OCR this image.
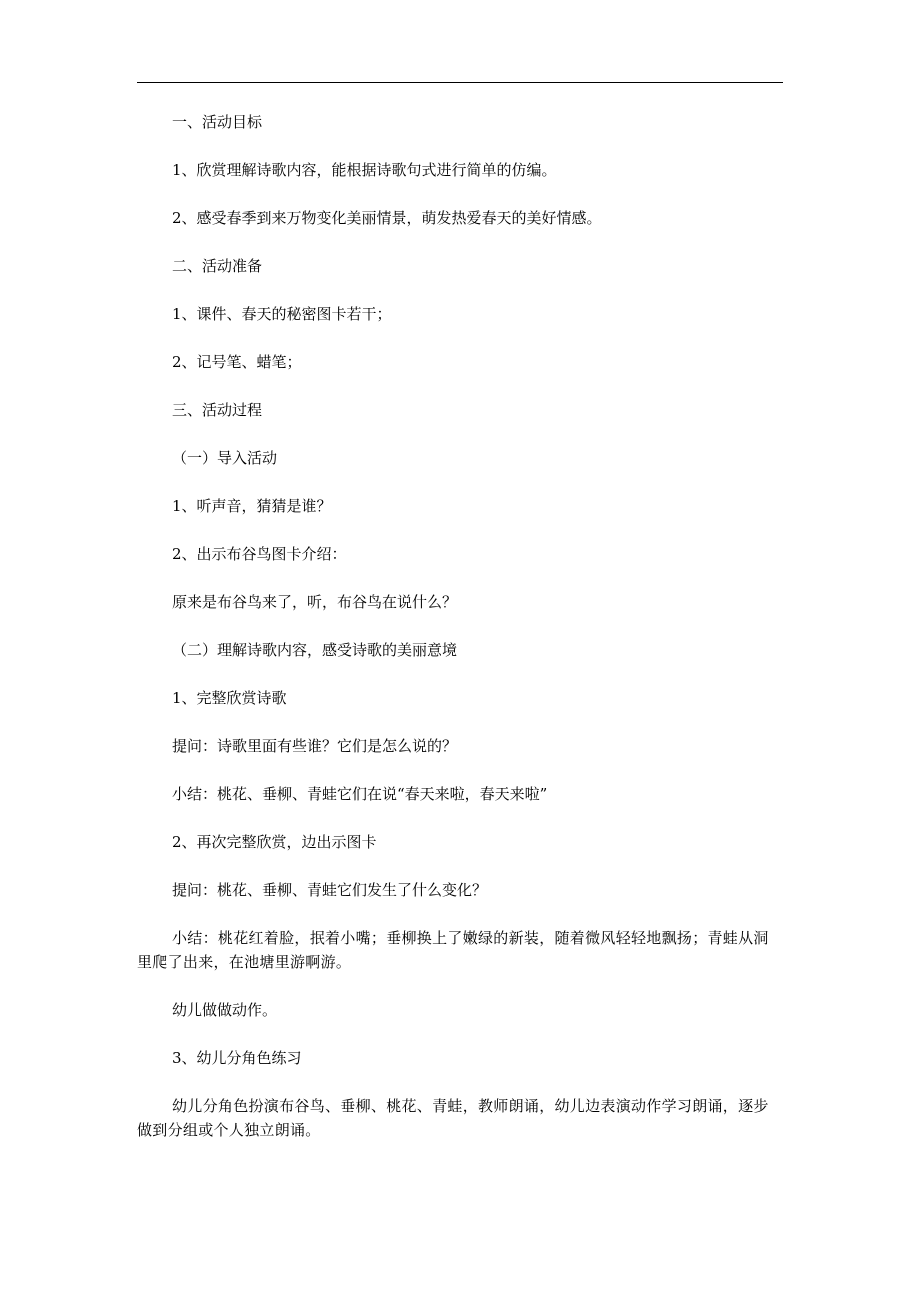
一、活动目标
1、欣赏理解诗歌内容，能根据诗歌句式进行简单的仿编。
2、感受春季到来万物变化美丽情景，萌发热爱春天的美好情感。
二、活动准备
1、课件、春天的秘密图卡若干；
2、记号笔、蜡笔；
三、活动过程
（一）导入活动
1、听声音，猜猜是谁？
2、出示布谷鸟图卡介绍：
原来是布谷鸟来了，听，布谷鸟在说什么？
（二）理解诗歌内容，感受诗歌的美丽意境
1、完整欣赏诗歌
提问：诗歌里面有些谁？它们是怎么说的？
小结：桃花、垂柳、青蛙它们在说“春天来啦，春天来啦”
2、再次完整欣赏，边出示图卡
提问：桃花、垂柳、青蛙它们发生了什么变化？
小结：桃花红着脸，抿着小嘴；垂柳换上了嫩绿的新装，随着微风轻轻地飘扬；青蛙从洞里爬了出来，在池塘里游啊游。
幼儿做做动作。
3、幼儿分角色练习
幼儿分角色扮演布谷鸟、垂柳、桃花、青蛙，教师朗诵，幼儿边表演动作学习朗诵，逐步做到分组或个人独立朗诵。
